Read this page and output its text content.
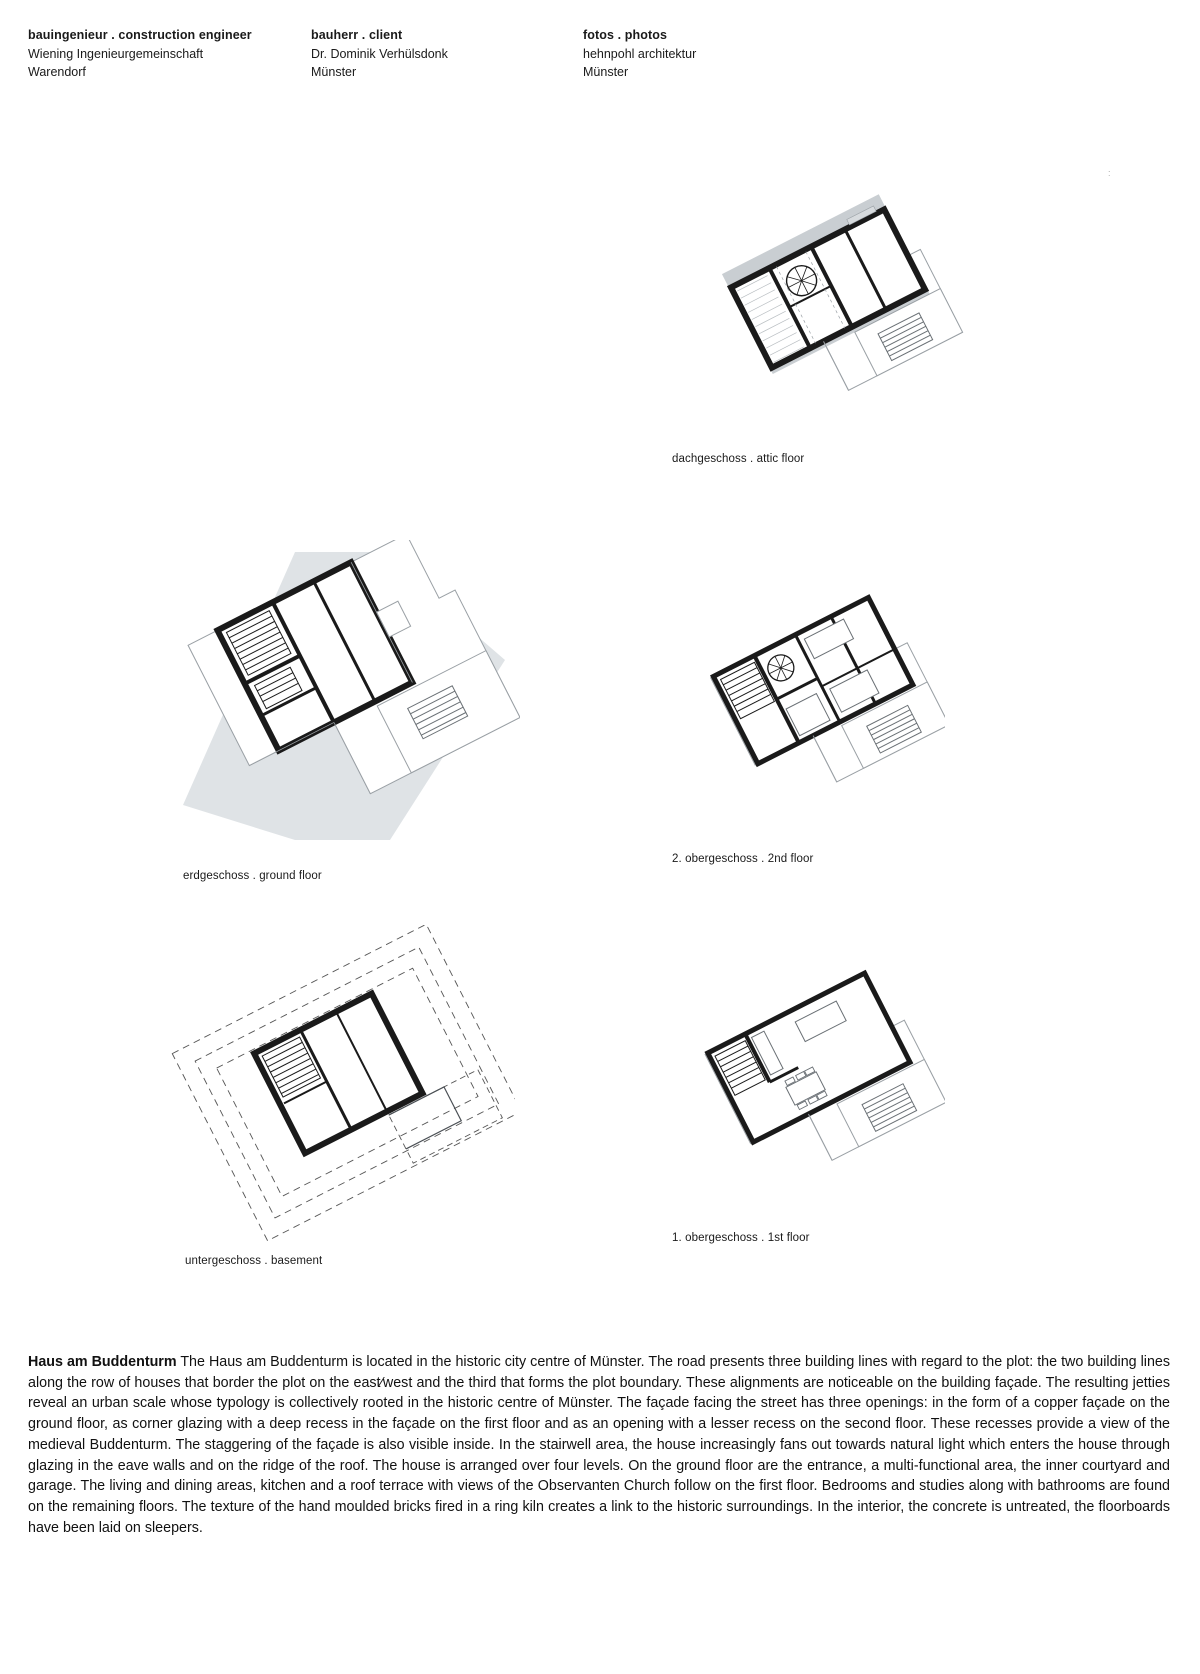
bauingenieur . construction engineer
Wiening Ingenieurgemeinschaft
Warendorf
bauherr . client
Dr. Dominik Verhülsdonk
Münster
fotos . photos
hehnpohl architektur
Münster
:
dachgeschoss . attic floor
erdgeschoss . ground floor
2. obergeschoss . 2nd floor
untergeschoss . basement
1. obergeschoss . 1st floor
Haus am Buddenturm The Haus am Buddenturm is located in the historic city centre of Münster. The road presents three building lines with regard to the plot: the two building lines along the row of houses that border the plot on the east⁄west and the third that forms the plot boundary. These alignments are noticeable on the building façade. The resulting jetties reveal an urban scale whose typology is collectively rooted in the historic centre of Münster. The façade facing the street has three openings: in the form of a copper façade on the ground floor, as corner glazing with a deep recess in the façade on the first floor and as an opening with a lesser recess on the second floor. These recesses provide a view of the medieval Buddenturm. The staggering of the façade is also visible inside. In the stairwell area, the house increasingly fans out towards natural light which enters the house through glazing in the eave walls and on the ridge of the roof. The house is arranged over four levels. On the ground floor are the entrance, a multi-functional area, the inner courtyard and garage. The living and dining areas, kitchen and a roof terrace with views of the Observanten Church follow on the first floor. Bedrooms and studies along with bathrooms are found on the remaining floors. The texture of the hand moulded bricks fired in a ring kiln creates a link to the historic surroundings. In the interior, the concrete is untreated, the floorboards have been laid on sleepers.
